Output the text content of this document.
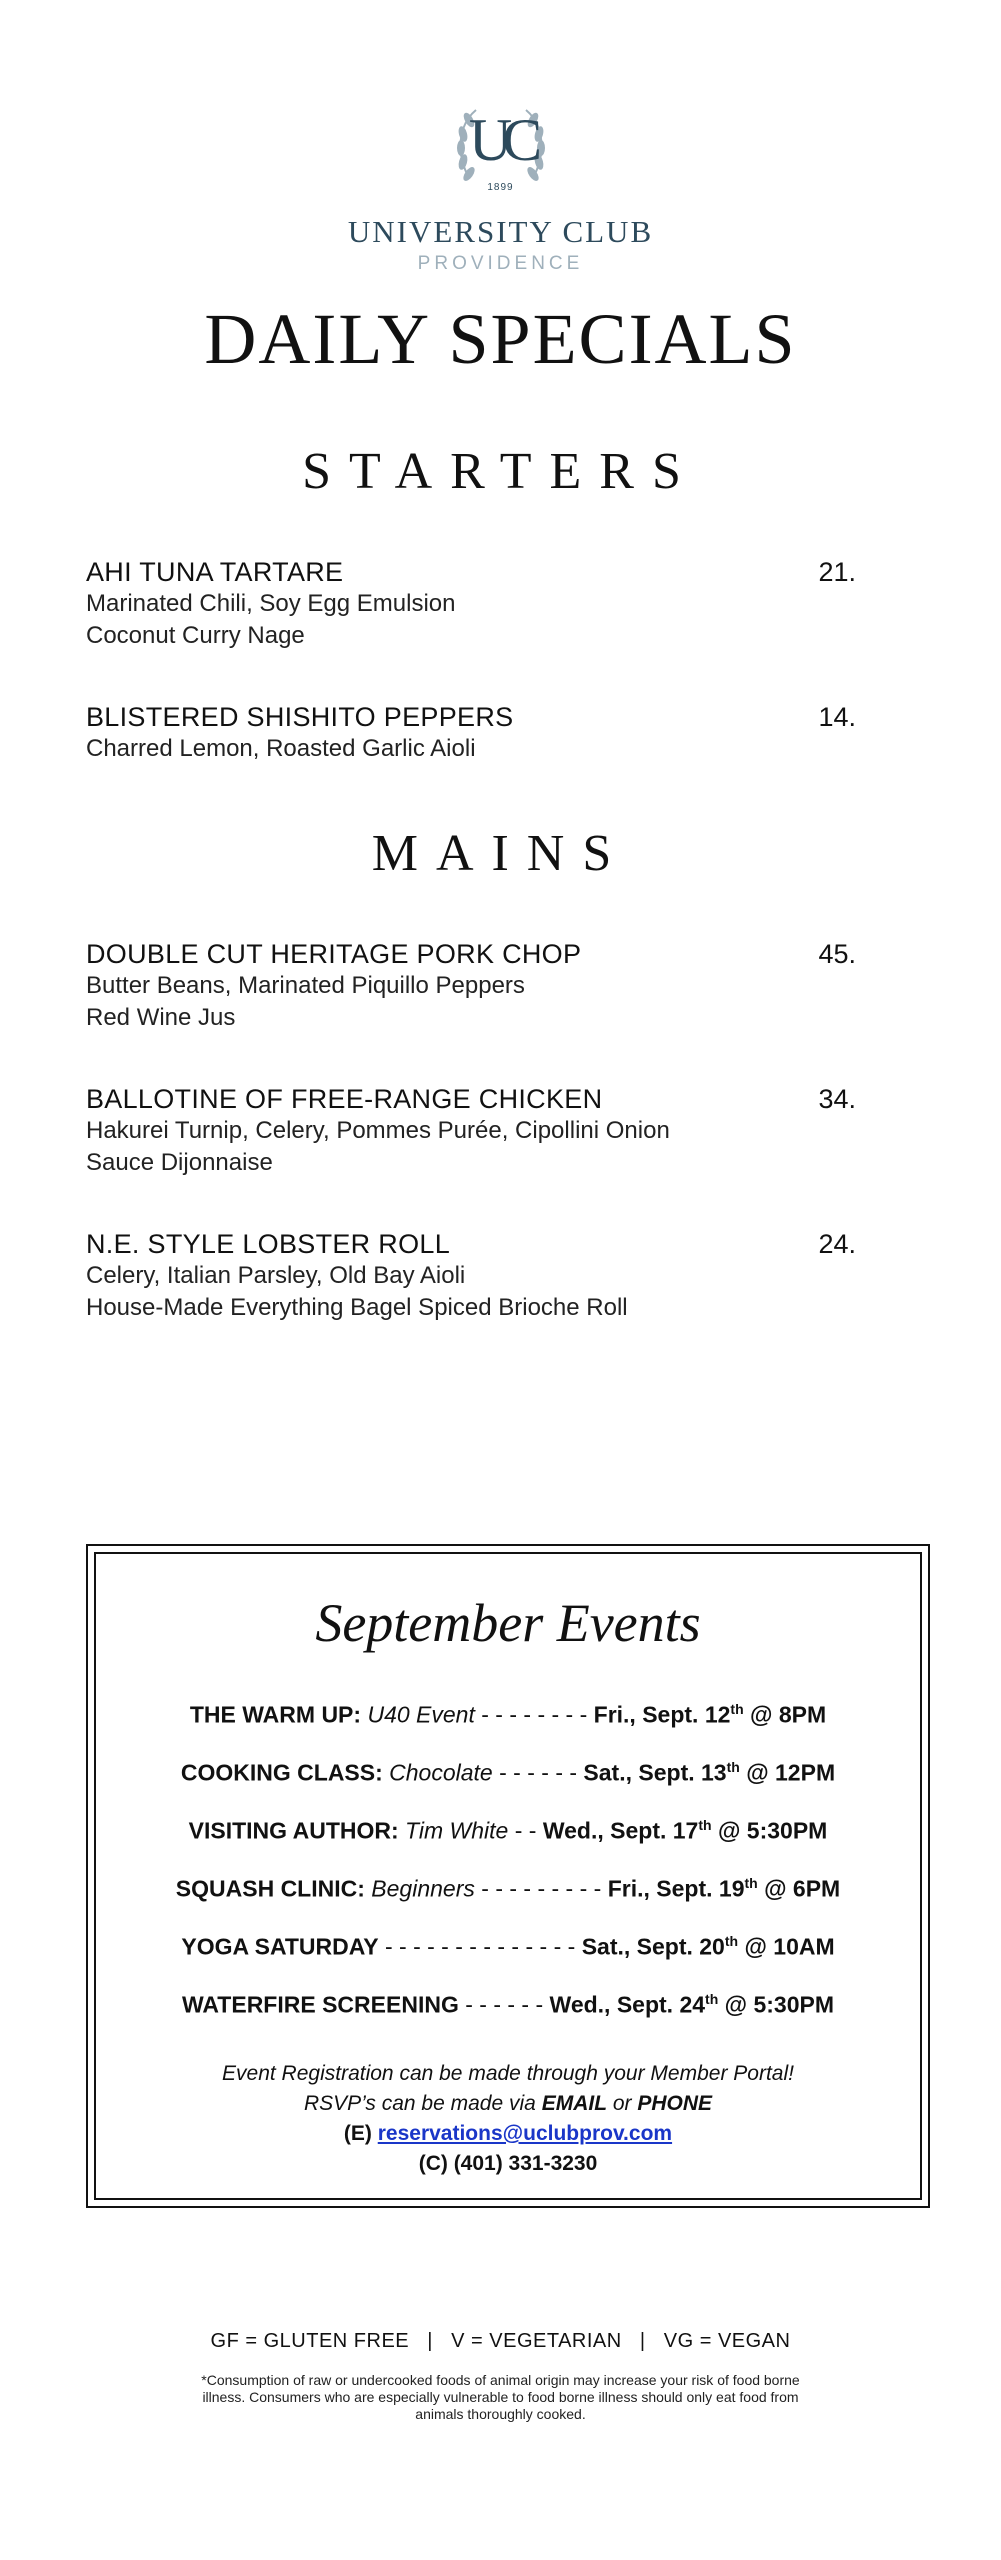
UC
1899
UNIVERSITY CLUB
PROVIDENCE
DAILY SPECIALS
STARTERS
AHI TUNA TARTARE	21.
Marinated Chili, Soy Egg Emulsion
Coconut Curry Nage
BLISTERED SHISHITO PEPPERS	14.
Charred Lemon, Roasted Garlic Aioli
MAINS
DOUBLE CUT HERITAGE PORK CHOP	45.
Butter Beans, Marinated Piquillo Peppers
Red Wine Jus
BALLOTINE OF FREE-RANGE CHICKEN	34.
Hakurei Turnip, Celery, Pommes Purée, Cipollini Onion
Sauce Dijonnaise
N.E. STYLE LOBSTER ROLL	24.
Celery, Italian Parsley, Old Bay Aioli
House-Made Everything Bagel Spiced Brioche Roll
September Events
THE WARM UP: U40 Event - - - - - - - - Fri., Sept. 12th @ 8PM
COOKING CLASS: Chocolate - - - - - - Sat., Sept. 13th @ 12PM
VISITING AUTHOR: Tim White - - Wed., Sept. 17th @ 5:30PM
SQUASH CLINIC: Beginners - - - - - - - - - Fri., Sept. 19th @ 6PM
YOGA SATURDAY - - - - - - - - - - - - - - Sat., Sept. 20th @ 10AM
WATERFIRE SCREENING - - - - - - Wed., Sept. 24th @ 5:30PM
Event Registration can be made through your Member Portal!
RSVP’s can be made via EMAIL or PHONE
(E) reservations@uclubprov.com
(C) (401) 331-3230
GF = GLUTEN FREE   |   V = VEGETARIAN   |   VG = VEGAN
*Consumption of raw or undercooked foods of animal origin may increase your risk of food borne illness. Consumers who are especially vulnerable to food borne illness should only eat food from animals thoroughly cooked.
